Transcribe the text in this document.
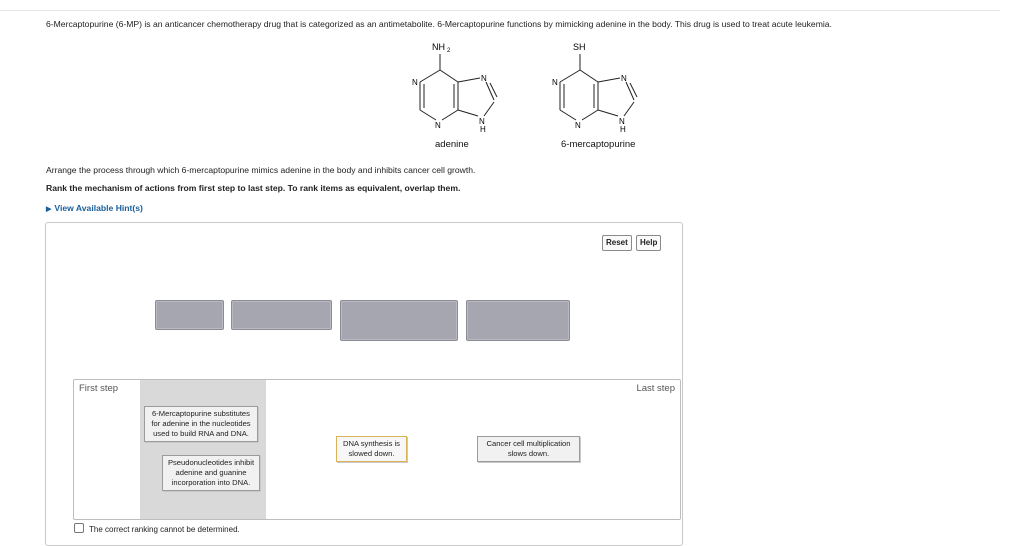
6-Mercaptopurine (6-MP) is an anticancer chemotherapy drug that is categorized as an antimetabolite. 6-Mercaptopurine functions by mimicking adenine in the body. This drug is used to treat acute leukemia.
NH 2
N
N
N
N
H
adenine
SH
N
N
N
N
H
6-mercaptopurine
Arrange the process through which 6-mercaptopurine mimics adenine in the body and inhibits cancer cell growth.
Rank the mechanism of actions from first step to last step. To rank items as equivalent, overlap them.
▶ View Available Hint(s)
Reset	Help
First step	Last step
6-Mercaptopurine substitutes for adenine in the nucleotides used to build RNA and DNA.
Pseudonucleotides inhibit adenine and guanine incorporation into DNA.
DNA synthesis is slowed down.
Cancer cell multiplication slows down.
The correct ranking cannot be determined.
